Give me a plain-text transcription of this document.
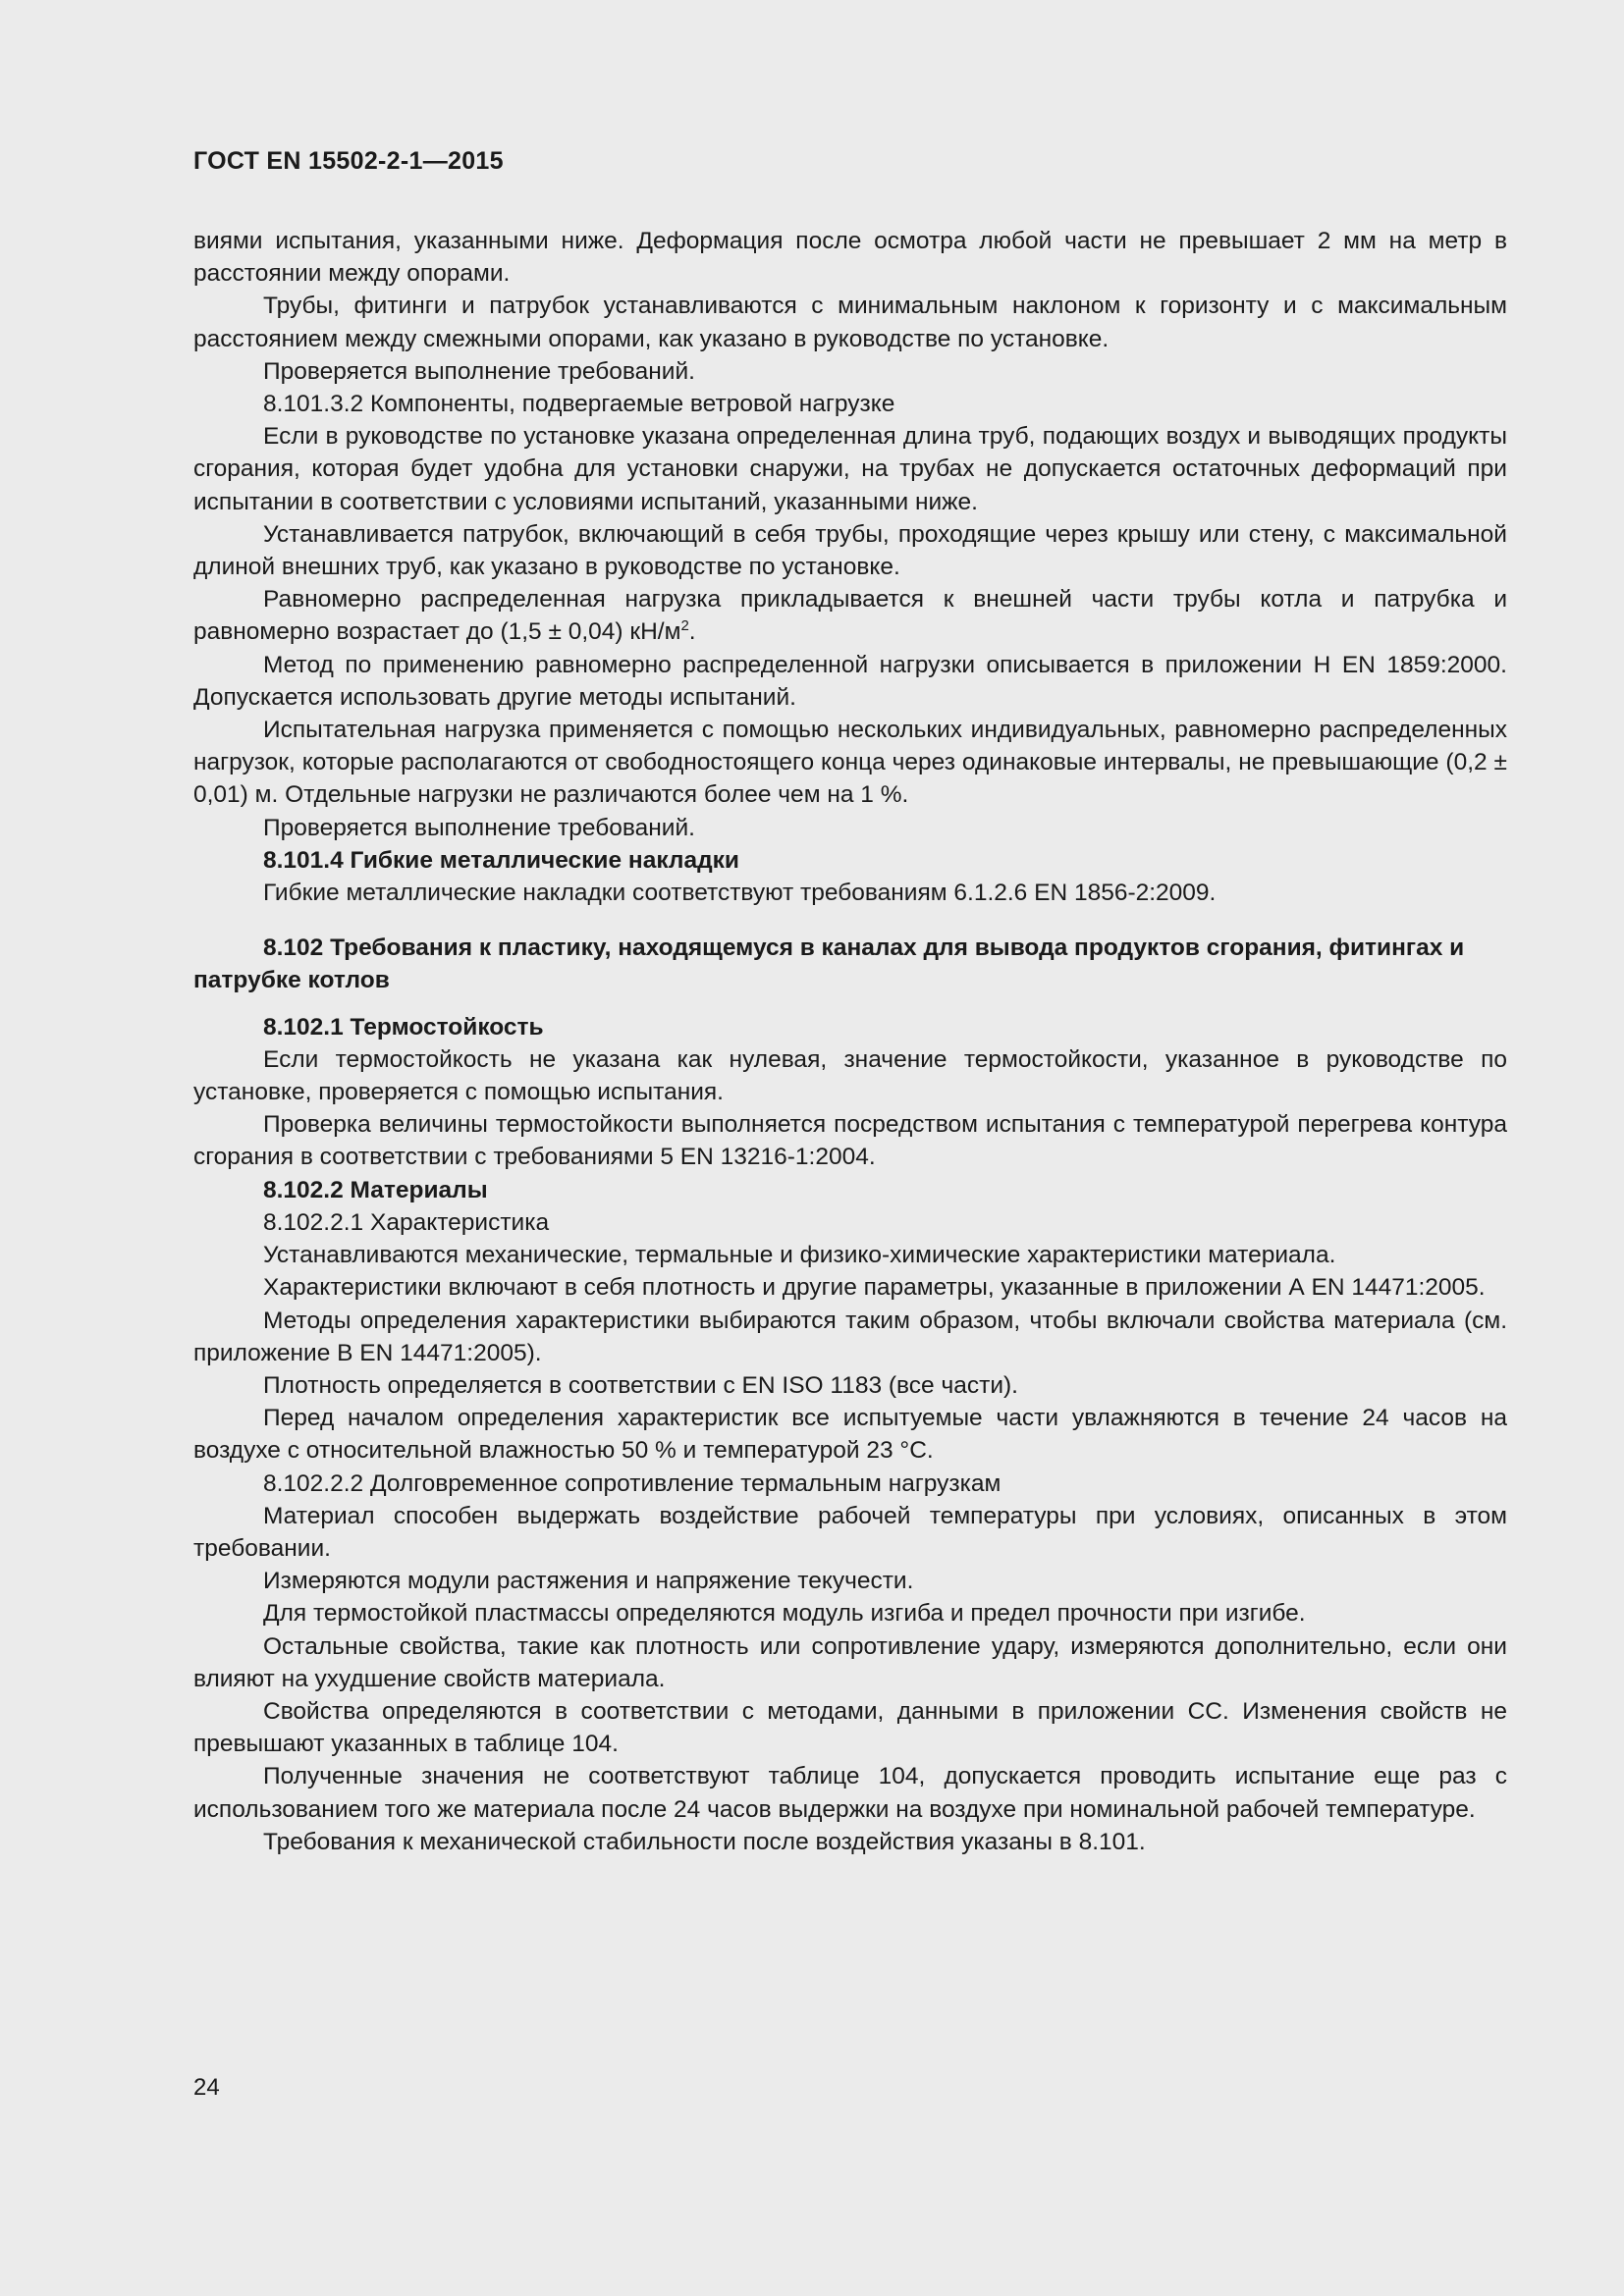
ГОСТ EN 15502-2-1—2015

виями испытания, указанными ниже. Деформация после осмотра любой части не превышает 2 мм на метр в расстоянии между опорами.

Трубы, фитинги и патрубок устанавливаются с минимальным наклоном к горизонту и с максимальным расстоянием между смежными опорами, как указано в руководстве по установке.

Проверяется выполнение требований.

8.101.3.2 Компоненты, подвергаемые ветровой нагрузке

Если в руководстве по установке указана определенная длина труб, подающих воздух и выводящих продукты сгорания, которая будет удобна для установки снаружи, на трубах не допускается остаточных деформаций при испытании в соответствии с условиями испытаний, указанными ниже.

Устанавливается патрубок, включающий в себя трубы, проходящие через крышу или стену, с максимальной длиной внешних труб, как указано в руководстве по установке.

Равномерно распределенная нагрузка прикладывается к внешней части трубы котла и патрубка и равномерно возрастает до (1,5 ± 0,04) $кН/м^2$.

Метод по применению равномерно распределенной нагрузки описывается в приложении Н EN 1859:2000. Допускается использовать другие методы испытаний.

Испытательная нагрузка применяется с помощью нескольких индивидуальных, равномерно распределенных нагрузок, которые располагаются от свободностоящего конца через одинаковые интервалы, не превышающие (0,2 ± 0,01) м. Отдельные нагрузки не различаются более чем на 1 %.

Проверяется выполнение требований.

8.101.4 Гибкие металлические накладки

Гибкие металлические накладки соответствуют требованиям 6.1.2.6 EN 1856-2:2009.

8.102 Требования к пластику, находящемуся в каналах для вывода продуктов сгорания, фитингах и патрубке котлов

8.102.1 Термостойкость

Если термостойкость не указана как нулевая, значение термостойкости, указанное в руководстве по установке, проверяется с помощью испытания.

Проверка величины термостойкости выполняется посредством испытания с температурой перегрева контура сгорания в соответствии с требованиями 5 EN 13216-1:2004.

8.102.2 Материалы

8.102.2.1 Характеристика

Устанавливаются механические, термальные и физико-химические характеристики материала.

Характеристики включают в себя плотность и другие параметры, указанные в приложении А EN 14471:2005.

Методы определения характеристики выбираются таким образом, чтобы включали свойства материала (см. приложение В EN 14471:2005).

Плотность определяется в соответствии с EN ISO 1183 (все части).

Перед началом определения характеристик все испытуемые части увлажняются в течение 24 часов на воздухе с относительной влажностью 50 % и температурой 23 °С.

8.102.2.2 Долговременное сопротивление термальным нагрузкам

Материал способен выдержать воздействие рабочей температуры при условиях, описанных в этом требовании.

Измеряются модули растяжения и напряжение текучести.

Для термостойкой пластмассы определяются модуль изгиба и предел прочности при изгибе.

Остальные свойства, такие как плотность или сопротивление удару, измеряются дополнительно, если они влияют на ухудшение свойств материала.

Свойства определяются в соответствии с методами, данными в приложении СС. Изменения свойств не превышают указанных в таблице 104.

Полученные значения не соответствуют таблице 104, допускается проводить испытание еще раз с использованием того же материала после 24 часов выдержки на воздухе при номинальной рабочей температуре.

Требования к механической стабильности после воздействия указаны в 8.101.

24
